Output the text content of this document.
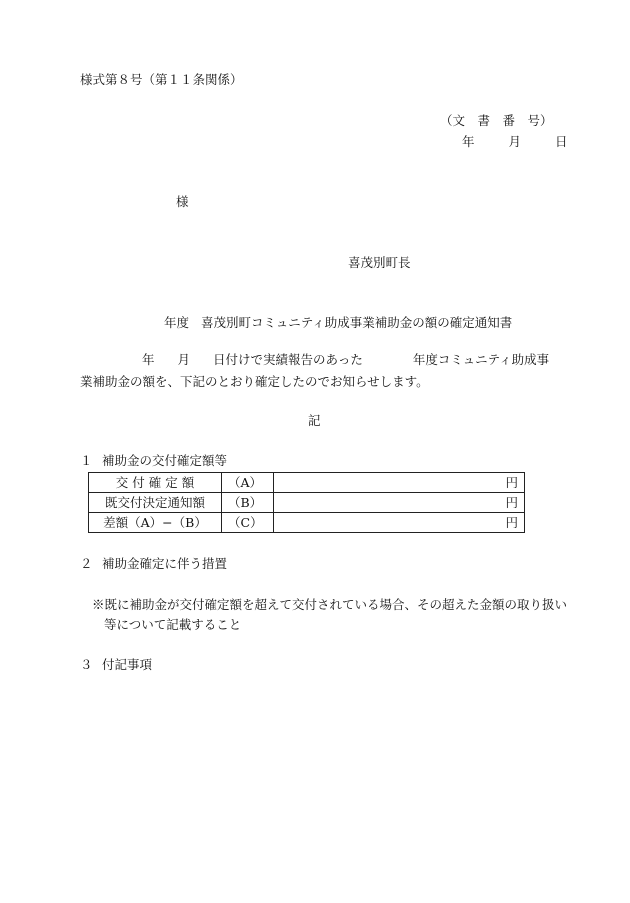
様式第８号（第１１条関係）
（文　書　番　号）
年	月	日
様
喜茂別町長
年度 喜茂別町コミュニティ助成事業補助金の額の確定通知書
年 月 日付けで実績報告のあった	年度コミュニティ助成事
業補助金の額を、下記のとおり確定したのでお知らせします。
記
１ 補助金の交付確定額等
交 付 確 定 額	（A）	円
既交付決定通知額	（B）	円
差額（A）−（B）	（C）	円
２ 補助金確定に伴う措置
※既に補助金が交付確定額を超えて交付されている場合、その超えた金額の取り扱い
等について記載すること
３ 付記事項
